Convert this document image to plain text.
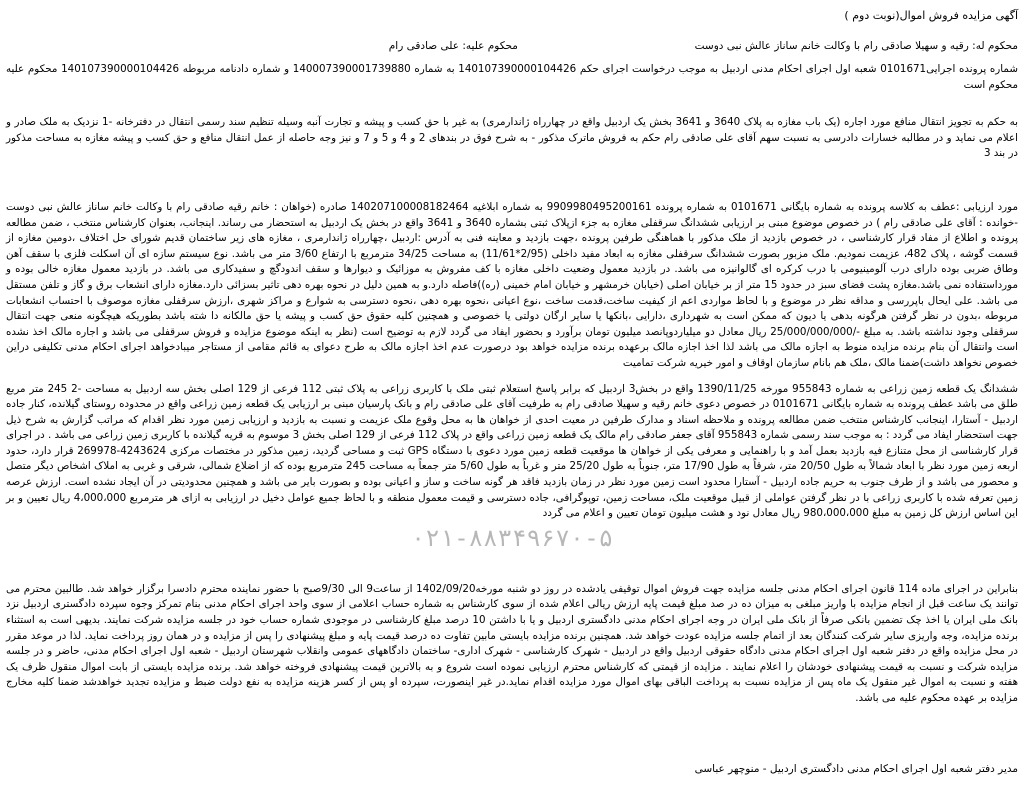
آگهی مزایده فروش اموال(نوبت دوم )

محکوم له: رقیه و سهیلا صادقی رام با وکالت خانم ساناز عالش نبی دوست  محکوم علیه: علی صادقی رام

شماره پرونده اجرایی0101671 شعبه اول اجرای احکام مدنی اردبیل به موجب درخواست اجرای حکم 140107390000104426 به شماره 140007390001739880 و شماره دادنامه مربوطه 140107390000104426 محکوم علیه محکوم است

به حکم به تجویز انتقال منافع مورد اجاره (یک باب مغازه به پلاک 3640 و 3641 بخش یک اردبیل واقع در چهارراه ژاندارمری) به غیر با حق کسب و پیشه و تجارت آنبه وسیله تنظیم سند رسمی انتقال در دفترخانه -1 نزدیک به ملک صادر و اعلام می نماید و در مطالبه خسارات دادرسی به نسبت سهم آقای علی صادقی رام حکم به فروش ماترک مذکور - به شرح فوق در بندهای 2 و 4 و 5 و 7 و نیز وجه حاصله از عمل انتقال منافع و حق کسب و پیشه مغازه به مساحت مذکور در بند 3

مورد ارزیابی :عطف به کلاسه پرونده به شماره بایگانی 0101671 به شماره پرونده 9909980495200161 به شماره ابلاغیه 140207100008182464 صادره (خواهان : خانم رقیه صادقی رام با وکالت خانم ساناز عالش نبی دوست -خوانده : آقای علی صادقی رام ) در خصوص موضوع مبنی بر ارزیابی ششدانگ سرقفلی مغازه به جزء ازپلاک ثبتی بشماره 3640 و 3641 واقع در بخش یک اردبیل به استحضار می رساند. اینجانب، بعنوان کارشناس منتخب ، ضمن مطالعه پرونده و اطلاع از مفاد قرار کارشناسی ، در خصوص بازدید از ملک مذکور با هماهنگی طرفین پرونده ،جهت بازدید و معاینه فنی به آدرس :اردبیل ،چهارراه ژاندارمری ، مغازه های زیر ساختمان قدیم شورای حل اختلاف ،دومین مغازه از قسمت گوشه ، پلاک 482، عزیمت نمودیم. ملک مزبور بصورت ششدانگ سرقفلی مغازه به ابعاد مفید داخلی (2/95*11/61) به مساحت 34/25 مترمربع با ارتفاع 3/60 متر می باشد. نوع سیستم سازه ای آن اسکلت فلزی با سقف آهن وطاق ضربی بوده دارای درب آلومینیومی با درب کرکره ای گالوانیزه می باشد. در بازدید معمول وضعیت داخلی مغازه با کف مفروش به موزائیک و دیوارها و سقف اندودگچ و سفیدکاری می باشد. در بازدید معمول مغازه خالی بوده و مورداستفاده نمی باشد.مغازه پشت فضای سبز در حدود 15 متر از بر خیابان اصلی (خیابان خرمشهر و خیابان امام خمینی (ره))فاصله دارد.و به همین دلیل در نحوه بهره دهی تاثیر بسزائی دارد.مغازه دارای انشعاب برق و گاز و تلفن مستقل می باشد. علی ایحال باپررسی و مداقه نظر در موضوع و با لحاظ مواردی اعم از کیفیت ساخت،قدمت ساخت ،نوع اعیانی ،نحوه بهره دهی ،نحوه دسترسی به شوارع و مراکز شهری ،ارزش سرقفلی مغازه موصوف با احتساب انشعابات مربوطه ،بدون در نظر گرفتن هرگونه بدهی یا دیون که ممکن است به شهرداری ،دارایی ،بانکها یا سایر ارگان دولتی یا خصوصی و همچنین کلیه حقوق حق کسب و پیشه یا حق مالکانه دا شته باشد بطوریکه هیچگونه منعی جهت انتقال سرقفلی وجود نداشته باشد. به مبلغ -/25/000/000/000 ریال معادل دو میلیاردوپانصد میلیون تومان برآورد و بحضور ایفاد می گردد لازم به توضیح است (نظر به اینکه موضوع مزایده و فروش سرقفلی می باشد و اجاره مالک اخذ نشده است وانتقال آن بنام برنده مزایده منوط به اجازه مالک می باشد لذا اخذ اجازه مالک برعهده برنده مزایده خواهد بود درصورت عدم اخذ اجازه مالک به طرح دعوای به قائم مقامی از مستاجر میبادخواهد اجرای احکام مدنی تکلیفی دراین خصوص نخواهد داشت)ضمنا مالک ،ملک هم بانام سازمان اوقاف و امور خیریه شرکت تمامیت

ششدانگ یک قطعه زمین زراعی به شماره 955843 مورخه 1390/11/25 واقع در بخش3 اردبیل که برابر پاسخ استعلام ثبتی ملک با کاربری زراعی به پلاک ثبتی 112 فرعی از 129 اصلی بخش سه اردبیل به مساحت -2 245 متر مربع طلق می باشد عطف پرونده به شماره بایگانی 0101671 در خصوص دعوی خانم رقیه و سهیلا صادقی رام به طرفیت آقای علی صادقی رام و بانک پارسیان مبنی بر ارزیابی یک قطعه زمین زراعی واقع در محدوده روستای گیلانده، کنار جاده اردبیل - آستارا، اینجانب کارشناس منتخب ضمن مطالعه پرونده و ملاحظه اسناد و مدارک طرفین در معیت احدی از خواهان ها به محل وقوع ملک عزیمت و نسبت به بازدید و ارزیابی زمین مورد نظر اقدام که مراتب گزارش به شرح ذیل جهت استحضار ایفاد می گردد : به موجب سند رسمی شماره 955843 آقای جعفر صادقی رام مالک یک قطعه زمین زراعی واقع در پلاک 112 فرعی از 129 اصلی بخش 3 موسوم به قریه گیلانده با کاربری زمین زراعی می باشد . در اجرای قرار کارشناسی از محل متنازع فیه بازدید بعمل آمد و با راهنمایی و معرفی یکی از خواهان ها موقعیت قطعه زمین مورد دعوی با دستگاه GPS ثبت و مساحی گردید، زمین مذکور در مختصات مرکزی 4243624-269978 قرار دارد، حدود اربعه زمین مورد نظر با ابعاد شمالاً به طول 20/50 متر، شرقاً به طول 17/90 متر، جنوباً به طول 25/20 متر و غرباً به طول 5/60 متر جمعاً به مساحت 245 مترمربع بوده که از اضلاع شمالی، شرقی و غربی به املاک اشخاص دیگر متصل و محصور می باشد و از طرف جنوب به حریم جاده اردبیل - آستارا محدود است زمین مورد نظر در زمان بازدید فاقد هر گونه ساخت و ساز و اعیانی بوده و بصورت بایر می باشد و همچنین محدودیتی در آن ایجاد نشده است. ارزش عرصه زمین تعرفه شده با کاربری زراعی با در نظر گرفتن عواملی از قبیل موقعیت ملک، مساحت زمین، توپوگرافی، جاده دسترسی و قیمت معمول منطقه و با لحاظ جمیع عوامل دخیل در ارزیابی به ازای هر مترمربع 4،000،000 ریال تعیین و بر این اساس ارزش کل زمین به مبلغ 980،000،000 ریال معادل نود و هشت میلیون تومان تعیین و اعلام می گردد

۰۲۱-۸۸۳۴۹۶۷۰-۵

بنابراین در اجرای ماده 114 قانون اجرای احکام مدنی جلسه مزایده جهت فروش اموال توقیفی یادشده در روز دو شنبه مورخه1402/09/20 از ساعت9 الی 9/30صبح با حضور نماینده محترم دادسرا برگزار خواهد شد. طالبین محترم می توانند یک ساعت قبل از انجام مزایده با واریز مبلغی به میزان ده در صد مبلغ قیمت پایه ارزش ریالی اعلام شده از سوی کارشناس به شماره حساب اعلامی از سوی واحد اجرای احکام مدنی بنام تمرکز وجوه سپرده دادگستری اردبیل نزد بانک ملی ایران یا اخذ چک تضمین بانکی صرفاً از بانک ملی ایران در وجه اجرای احکام مدنی دادگستری اردبیل و یا با داشتن 10 درصد مبلغ کارشناسی در موجودی شماره حساب خود در جلسه مزایده شرکت نمایند. بدیهی است به استثناء برنده مزایده، وجه واریزی سایر شرکت کنندگان بعد از اتمام جلسه مزایده عودت خواهد شد. همچنین برنده مزایده بایستی مابین تفاوت ده درصد قیمت پایه و مبلغ پیشنهادی را پس از مزایده و در همان روز پرداخت نماید. لذا در موعد مقرر در محل مزایده واقع در دفتر شعبه اول اجرای احکام مدنی دادگاه حقوقی اردبیل واقع در اردبیل - شهرک کارشناسی - شهرک اداری- ساختمان دادگاههای عمومی وانقلاب شهرستان اردبیل - شعبه اول اجرای احکام مدنی، حاضر و در جلسه مزایده شرکت و نسبت به قیمت پیشنهادی خودشان را اعلام نمایند . مزایده از قیمتی که کارشناس محترم ارزیابی نموده است شروع و به بالاترین قیمت پیشنهادی فروخته خواهد شد. برنده مزایده بایستی از بابت اموال منقول ظرف یک هفته و نسبت به اموال غیر منقول یک ماه پس از مزایده نسبت به پرداخت الباقی بهای اموال مورد مزایده اقدام نماید.در غیر اینصورت، سپرده او پس از کسر هزینه مزایده به نفع دولت ضبط و مزایده تجدید خواهدشد ضمنا کلیه مخارج مزایده بر عهده محکوم علیه می باشد.

مدیر دفتر شعبه اول اجرای احکام مدنی دادگستری اردبیل - منوچهر عباسی
